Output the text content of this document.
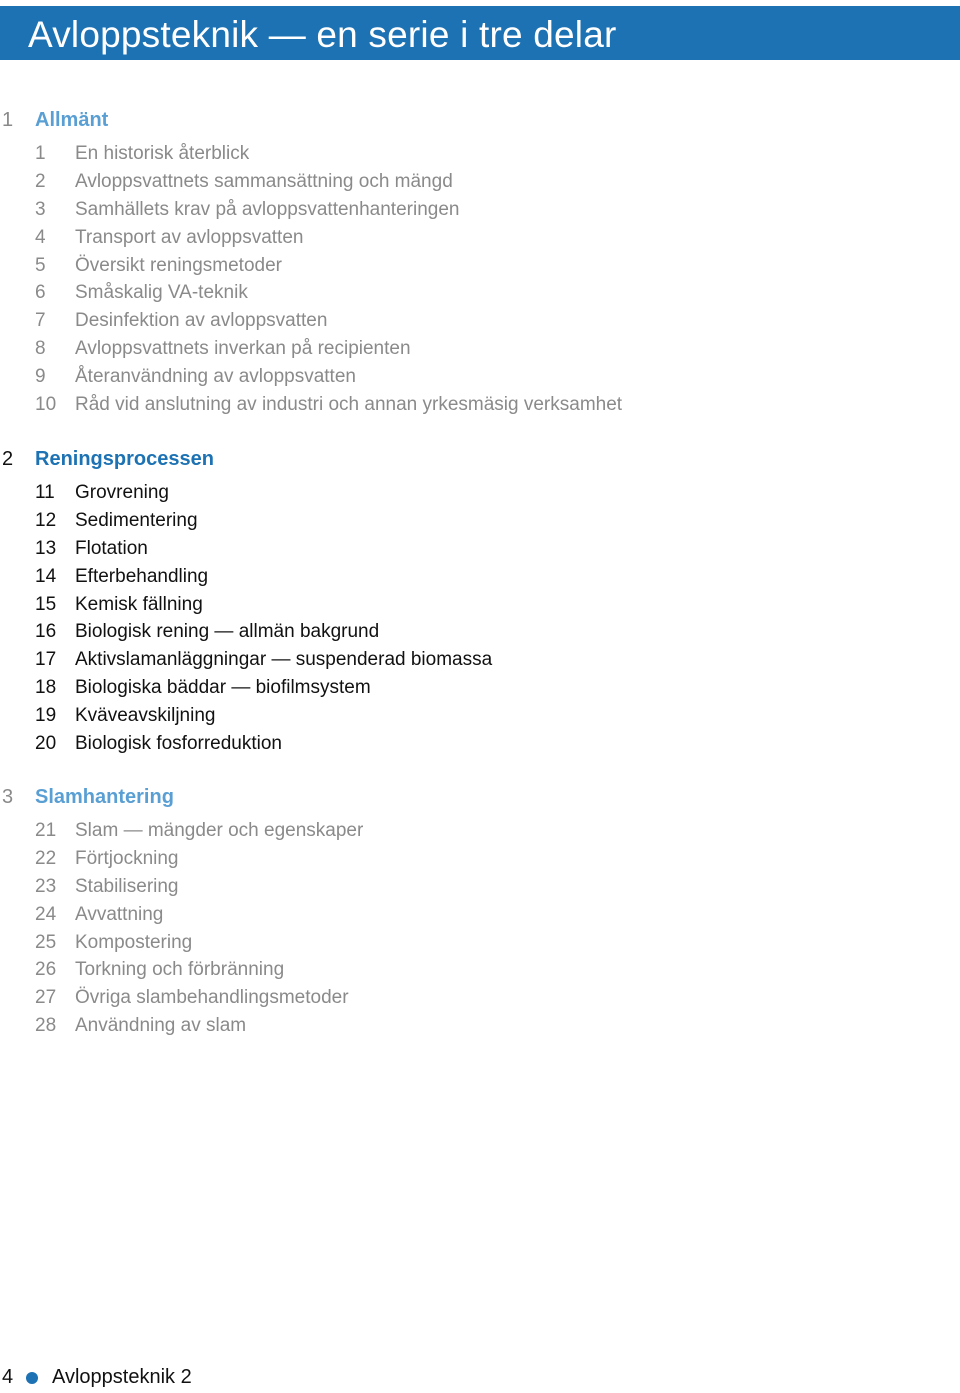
Avloppsteknik — en serie i tre delar
1 Allmänt
1 En historisk återblick
2 Avloppsvattnets sammansättning och mängd
3 Samhällets krav på avloppsvattenhanteringen
4 Transport av avloppsvatten
5 Översikt reningsmetoder
6 Småskalig VA-teknik
7 Desinfektion av avloppsvatten
8 Avloppsvattnets inverkan på recipienten
9 Återanvändning av avloppsvatten
10 Råd vid anslutning av industri och annan yrkesmäsig verksamhet
2 Reningsprocessen
11 Grovrening
12 Sedimentering
13 Flotation
14 Efterbehandling
15 Kemisk fällning
16 Biologisk rening — allmän bakgrund
17 Aktivslamanläggningar — suspenderad biomassa
18 Biologiska bäddar — biofilmsystem
19 Kväveavskiljning
20 Biologisk fosforreduktion
3 Slamhantering
21 Slam — mängder och egenskaper
22 Förtjockning
23 Stabilisering
24 Avvattning
25 Kompostering
26 Torkning och förbränning
27 Övriga slambehandlingsmetoder
28 Användning av slam
4 Avloppsteknik 2
